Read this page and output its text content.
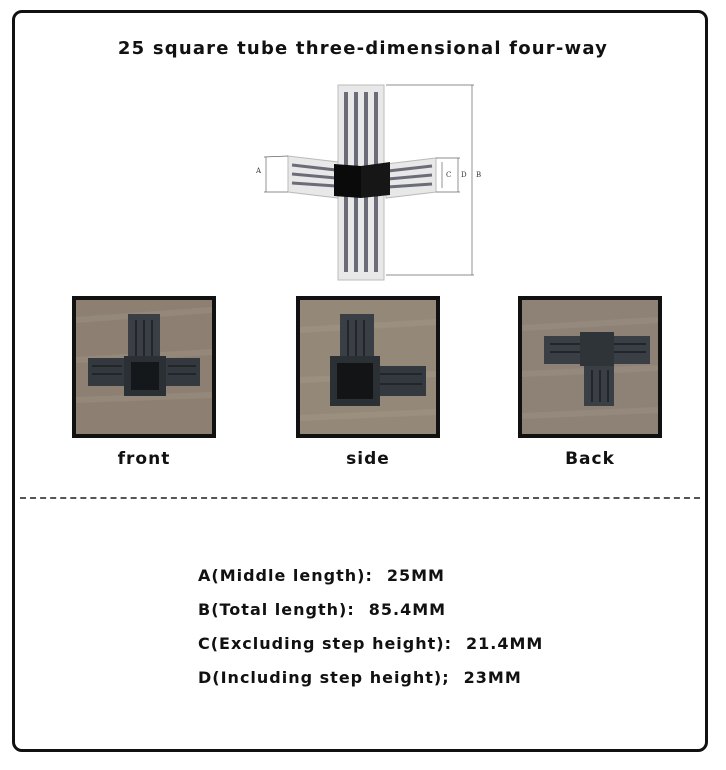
25 square tube three-dimensional four-way
A	C D B
front	side	Back
A(Middle length): 25MM
B(Total length): 85.4MM
C(Excluding step height): 21.4MM
D(Including step height); 23MM
